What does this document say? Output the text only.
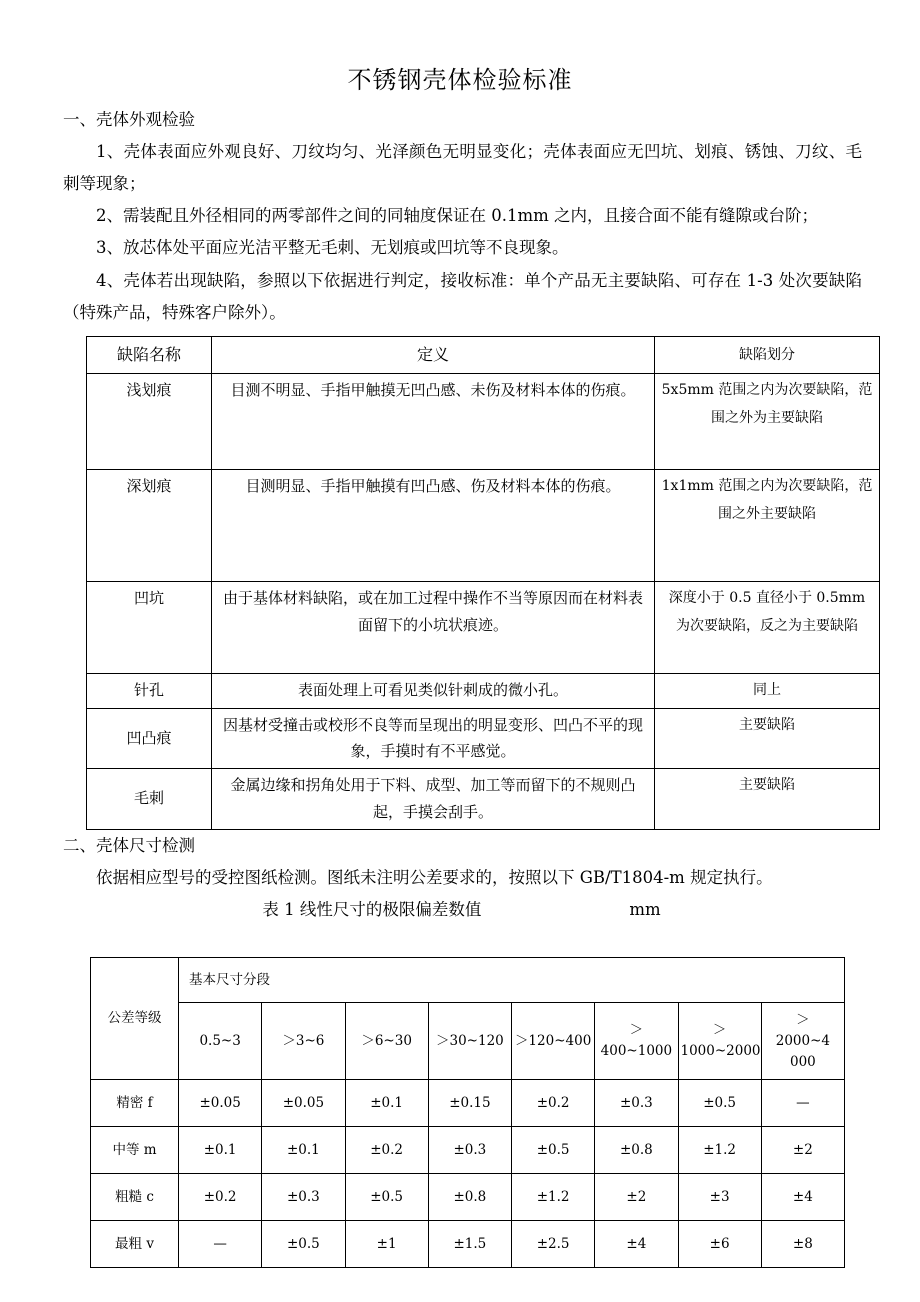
不锈钢壳体检验标准

一、壳体外观检验

1、壳体表面应外观良好、刀纹均匀、光泽颜色无明显变化；壳体表面应无凹坑、划痕、锈蚀、刀纹、毛刺等现象；

2、需装配且外径相同的两零部件之间的同轴度保证在 0.1mm 之内，且接合面不能有缝隙或台阶；

3、放芯体处平面应光洁平整无毛刺、无划痕或凹坑等不良现象。

4、壳体若出现缺陷，参照以下依据进行判定，接收标准：单个产品无主要缺陷、可存在 1-3 处次要缺陷（特殊产品，特殊客户除外）。

缺陷名称	定义	缺陷划分
浅划痕	目测不明显、手指甲触摸无凹凸感、未伤及材料本体的伤痕。	5x5mm 范围之内为次要缺陷，范围之外为主要缺陷
深划痕	目测明显、手指甲触摸有凹凸感、伤及材料本体的伤痕。	1x1mm 范围之内为次要缺陷，范围之外主要缺陷
凹坑	由于基体材料缺陷，或在加工过程中操作不当等原因而在材料表面留下的小坑状痕迹。	深度小于 0.5 直径小于 0.5mm 为次要缺陷，反之为主要缺陷
针孔	表面处理上可看见类似针刺成的微小孔。	同上
凹凸痕	因基材受撞击或校形不良等而呈现出的明显变形、凹凸不平的现象，手摸时有不平感觉。	主要缺陷
毛刺	金属边缘和拐角处用于下料、成型、加工等而留下的不规则凸起，手摸会刮手。	主要缺陷

二、壳体尺寸检测

依据相应型号的受控图纸检测。图纸未注明公差要求的，按照以下 GB/T1804-m 规定执行。

表 1 线性尺寸的极限偏差数值	mm
公差等级	基本尺寸分段							
	0.5~3	＞3~6	＞6~30	＞30~120	＞120~400	＞400~1000	＞1000~2000	＞
2000~4
000
精密 f	±0.05	±0.05	±0.1	±0.15	±0.2	±0.3	±0.5	—
中等 m	±0.1	±0.1	±0.2	±0.3	±0.5	±0.8	±1.2	±2
粗糙 c	±0.2	±0.3	±0.5	±0.8	±1.2	±2	±3	±4
最粗 v	—	±0.5	±1	±1.5	±2.5	±4	±6	±8
